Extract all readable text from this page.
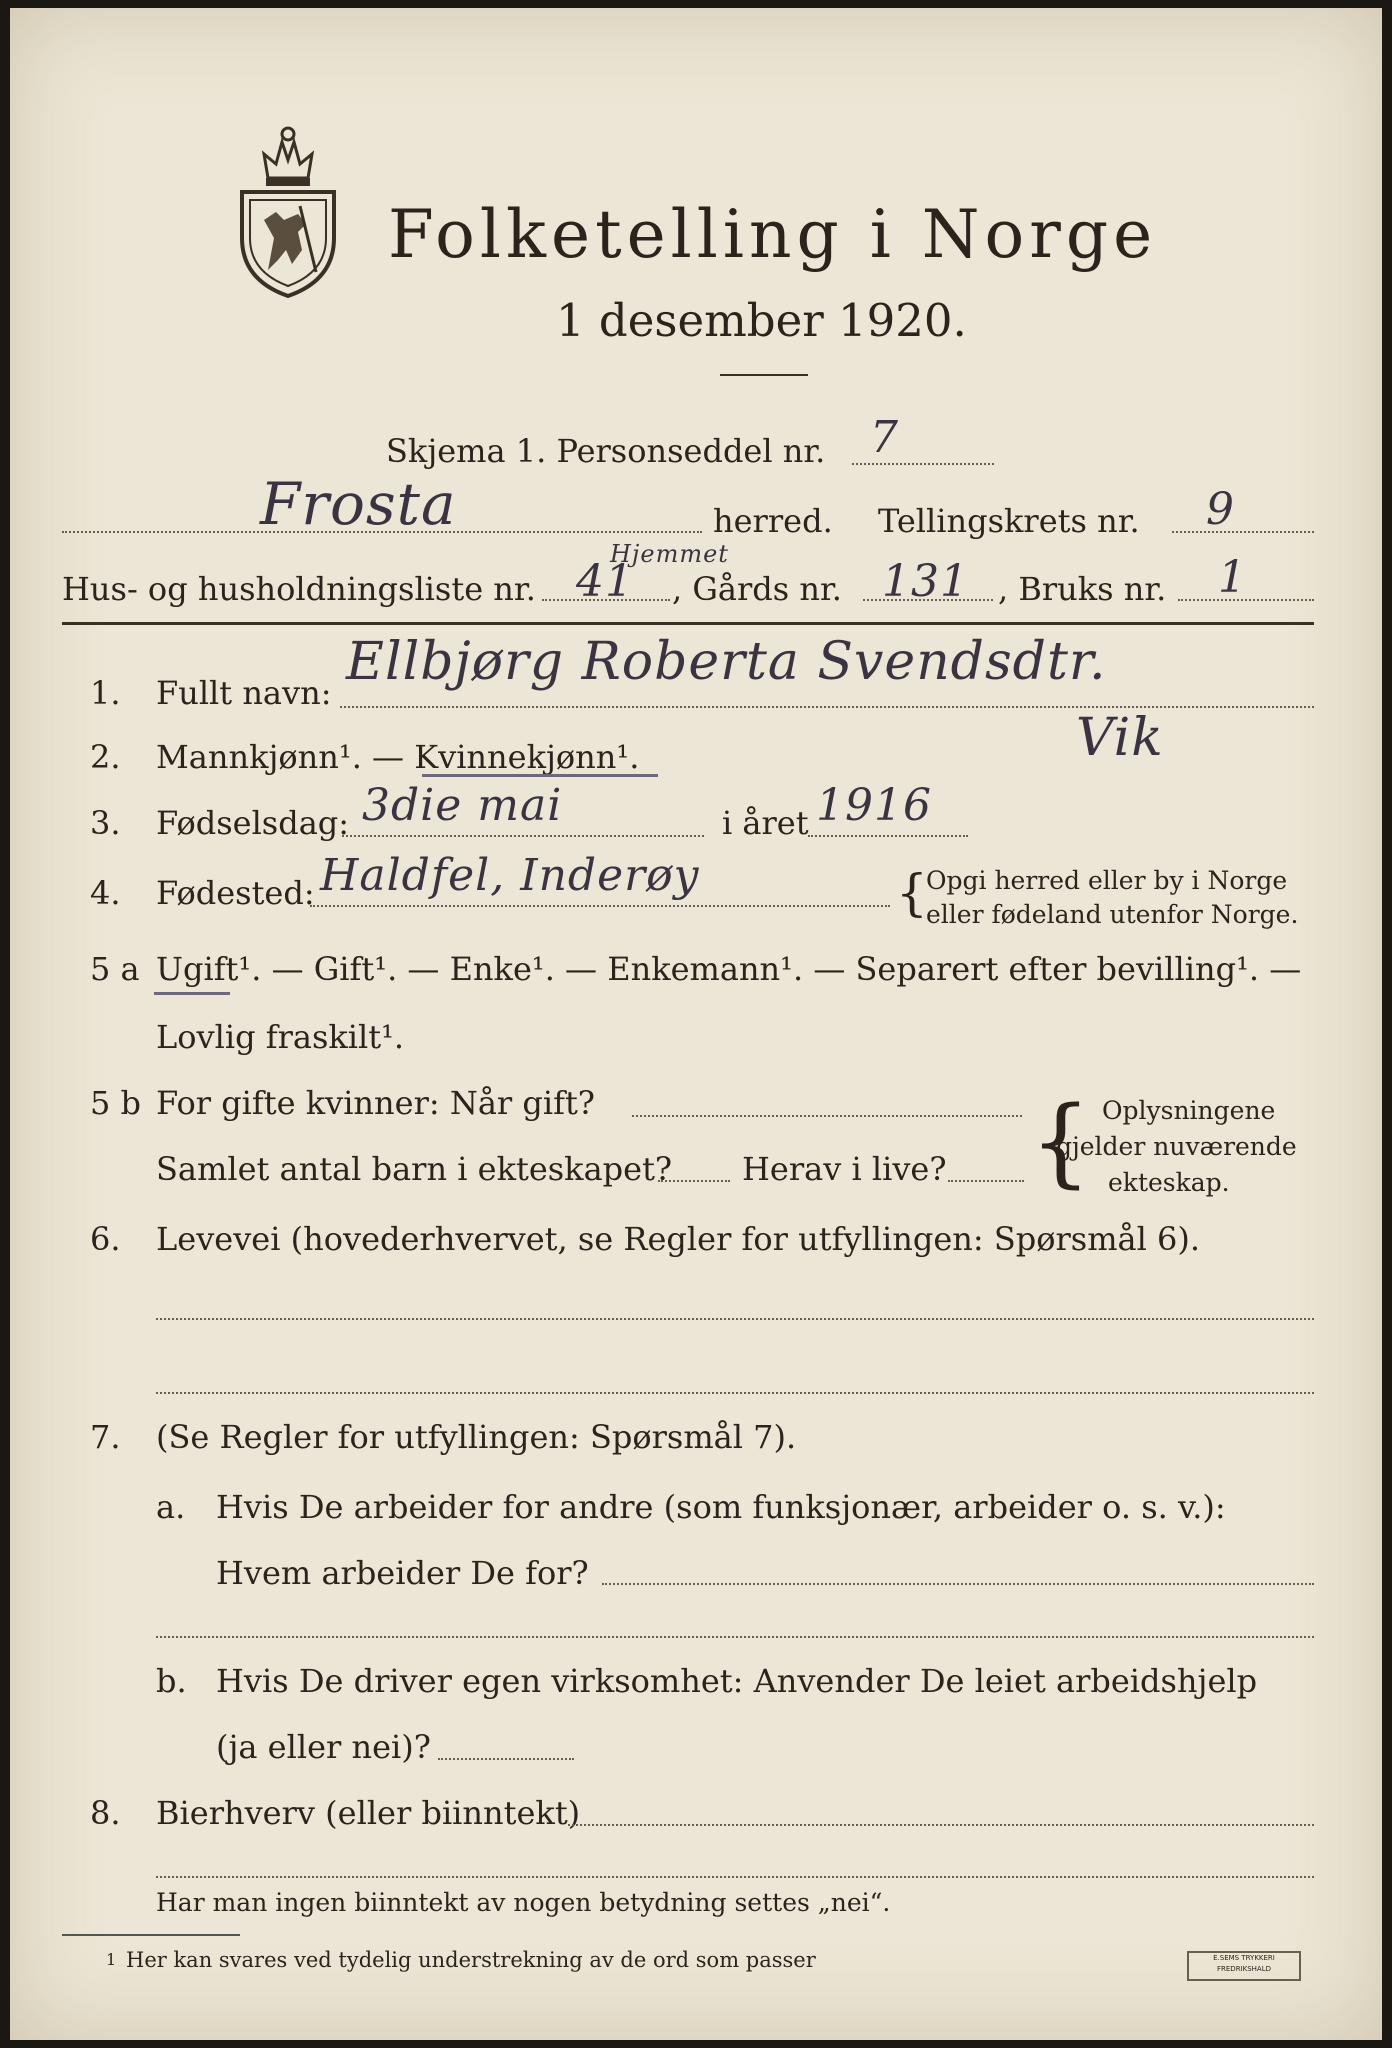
Folketelling i Norge
1 desember 1920.
Skjema 1. Personseddel nr. 7
Frosta	herred. Tellingskrets nr. 9
Hus- og husholdningsliste nr. 41
Hjemmet
, Gårds nr. 131 , Bruks nr. 1
1. Fullt navn:
Ellbjørg Roberta Svendsdtr.
Vik
2. Mannkjønn¹. — Kvinnekjønn¹.
3. Fødselsdag: 3die mai	i året 1916
4. Fødested: Haldfel, Inderøy	{
Opgi herred eller by i Norge
eller fødeland utenfor Norge.
5 a Ugift¹. — Gift¹. — Enke¹. — Enkemann¹. — Separert efter bevilling¹. —
Lovlig fraskilt¹.
5 b For gifte kvinner: Når gift?
Samlet antal barn i ekteskapet? Herav i live? { Oplysningene
gjelder nuværende
ekteskap.
6. Levevei (hovederhvervet, se Regler for utfyllingen: Spørsmål 6).
7. (Se Regler for utfyllingen: Spørsmål 7).
a. Hvis De arbeider for andre (som funksjonær, arbeider o. s. v.):
Hvem arbeider De for?
b. Hvis De driver egen virksomhet: Anvender De leiet arbeidshjelp
(ja eller nei)?
8. Bierhverv (eller biinntekt)
Har man ingen biinntekt av nogen betydning settes „nei“.
1 Her kan svares ved tydelig understrekning av de ord som passer	E.SEMS TRYKKERI FREDRIKSHALD
